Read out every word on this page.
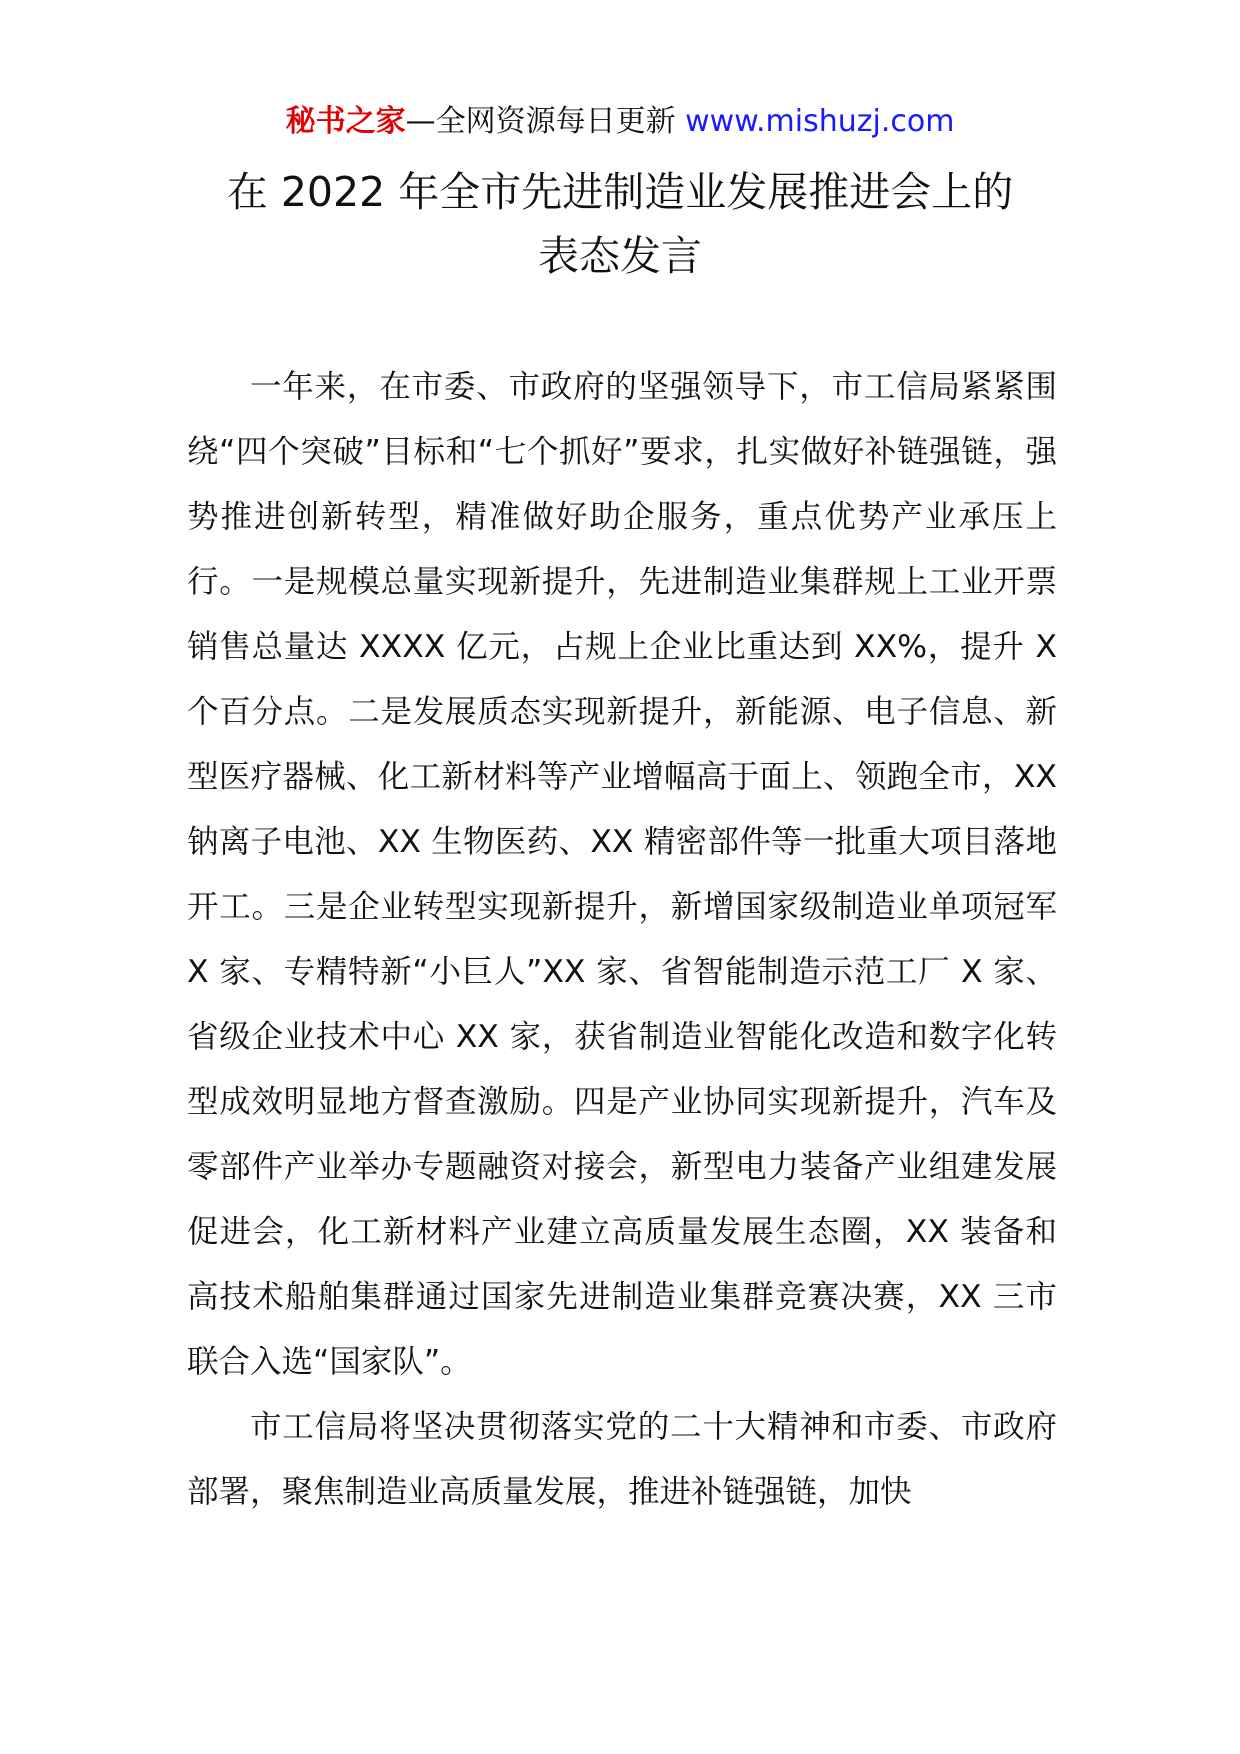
秘书之家—全网资源每日更新 www.mishuzj.com
在 2022 年全市先进制造业发展推进会上的
表态发言

一年来，在市委、市政府的坚强领导下，市工信局紧紧围绕“四个突破”目标和“七个抓好”要求，扎实做好补链强链，强势推进创新转型，精准做好助企服务，重点优势产业承压上行。一是规模总量实现新提升，先进制造业集群规上工业开票销售总量达 XXXX 亿元，占规上企业比重达到 XX%，提升 X 个百分点。二是发展质态实现新提升，新能源、电子信息、新型医疗器械、化工新材料等产业增幅高于面上、领跑全市，XX 钠离子电池、XX 生物医药、XX 精密部件等一批重大项目落地开工。三是企业转型实现新提升，新增国家级制造业单项冠军 X 家、专精特新“小巨人”XX 家、省智能制造示范工厂 X 家、省级企业技术中心 XX 家，获省制造业智能化改造和数字化转型成效明显地方督查激励。四是产业协同实现新提升，汽车及零部件产业举办专题融资对接会，新型电力装备产业组建发展促进会，化工新材料产业建立高质量发展生态圈，XX 装备和高技术船舶集群通过国家先进制造业集群竞赛决赛，XX 三市联合入选“国家队”。

市工信局将坚决贯彻落实党的二十大精神和市委、市政府部署，聚焦制造业高质量发展，推进补链强链，加快
